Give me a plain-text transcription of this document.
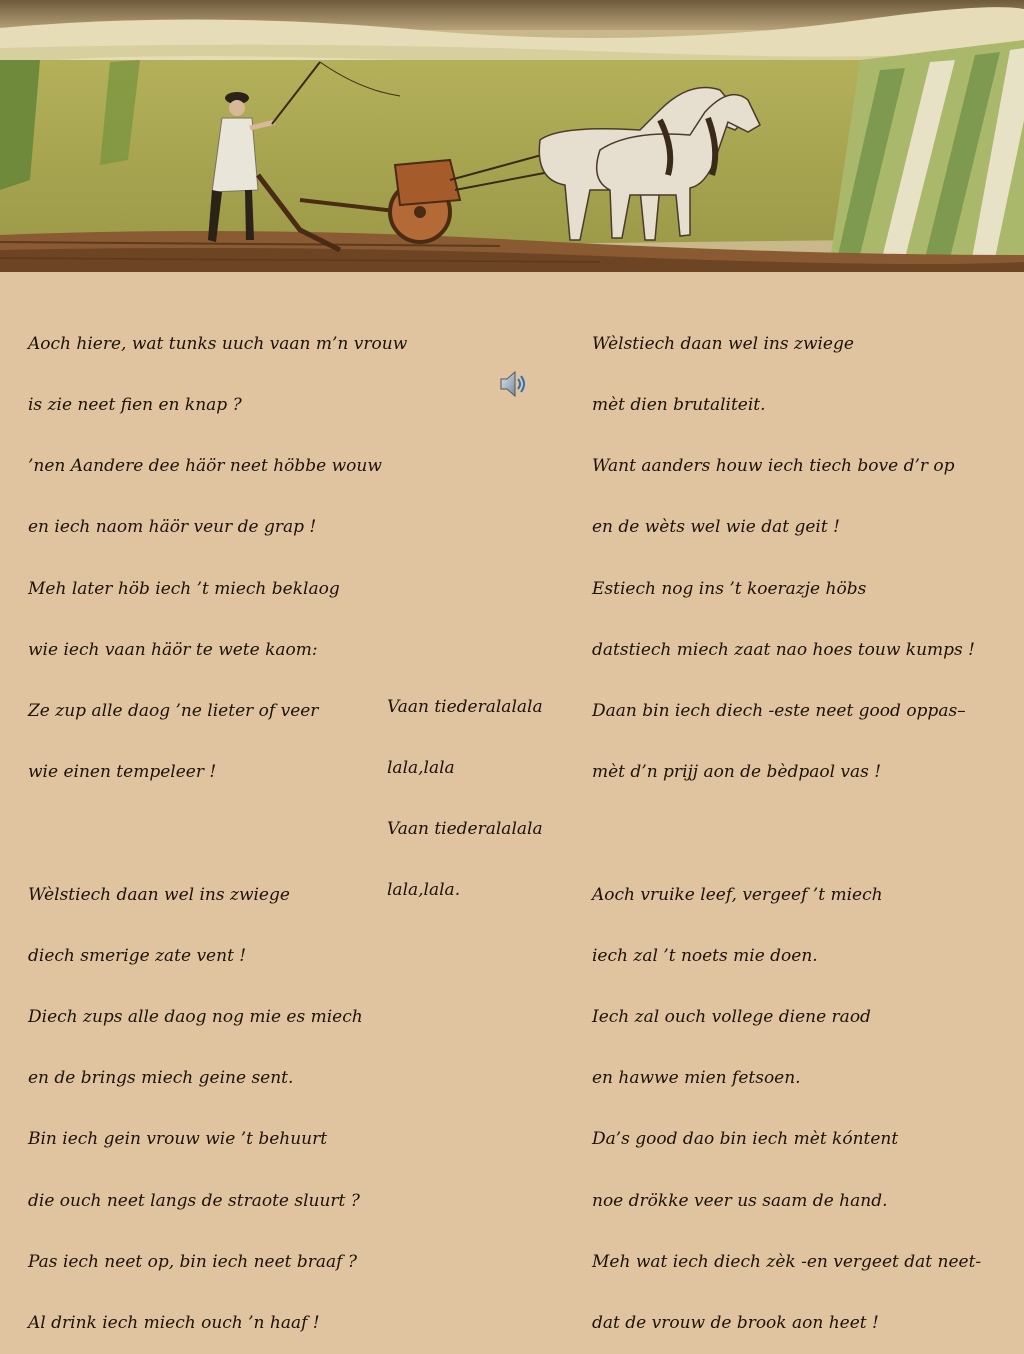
Aoch hiere, wat tunks uuch vaan m’n vrouw

is zie neet fien en knap ?

’nen Aandere dee häör neet höbbe wouw

en iech naom häör veur de grap !

Meh later höb iech ’t miech beklaog

wie iech vaan häör te wete kaom:

Ze zup alle daog ’ne lieter of veer

wie einen tempeleer !

Wèlstiech daan wel ins zwiege

diech smerige zate vent !

Diech zups alle daog nog mie es miech

en de brings miech geine sent.

Bin iech gein vrouw wie ’t behuurt

die ouch neet langs de straote sluurt ?

Pas iech neet op, bin iech neet braaf ?

Al drink iech miech ouch ’n haaf !

Wèlstiech daan wel ins zwiege

mèt dien brutaliteit.

Want aanders houw iech tiech bove d’r op

en de wèts wel wie dat geit !

Estiech nog ins ’t koerazje höbs

datstiech miech zaat nao hoes touw kumps !

Daan bin iech diech -este neet good oppas–

mèt d’n prijj aon de bèdpaol vas !

Aoch vruike leef, vergeef ’t miech

iech zal ’t noets mie doen.

Iech zal ouch vollege diene raod

en hawwe mien fetsoen.

Da’s good dao bin iech mèt kóntent

noe drökke veer us saam de hand.

Meh wat iech diech zèk -en vergeet dat neet-

dat de vrouw de brook aon heet !

Vaan tiederalalala

lala,lala

Vaan tiederalalala

lala,lala.
